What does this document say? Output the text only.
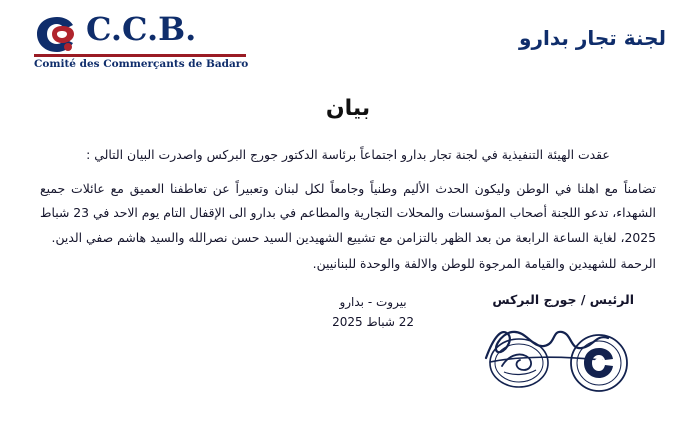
C.C.B.
Comité des Commerçants de Badaro
لجنة تجار بدارو
بيان
عقدت الهيئة التنفيذية في لجنة تجار بدارو اجتماعاً برئاسة الدكتور جورج البركس واصدرت البيان التالي :
تضامناً مع اهلنا في الوطن وليكون الحدث الأليم وطنياً وجامعاً لكل لبنان وتعبيراً عن تعاطفنا العميق مع عائلات جميع الشهداء، تدعو اللجنة أصحاب المؤسسات والمحلات التجارية والمطاعم في بدارو الى الإقفال التام يوم الاحد في 23 شباط 2025، لغاية الساعة الرابعة من بعد الظهر بالتزامن مع تشييع الشهيدين السيد حسن نصرالله والسيد هاشم صفي الدين.
الرحمة للشهيدين والقيامة المرجوة للوطن والالفة والوحدة للبنانيين.
بيروت - بدارو
22 شباط 2025
الرئيس / جورج البركس
